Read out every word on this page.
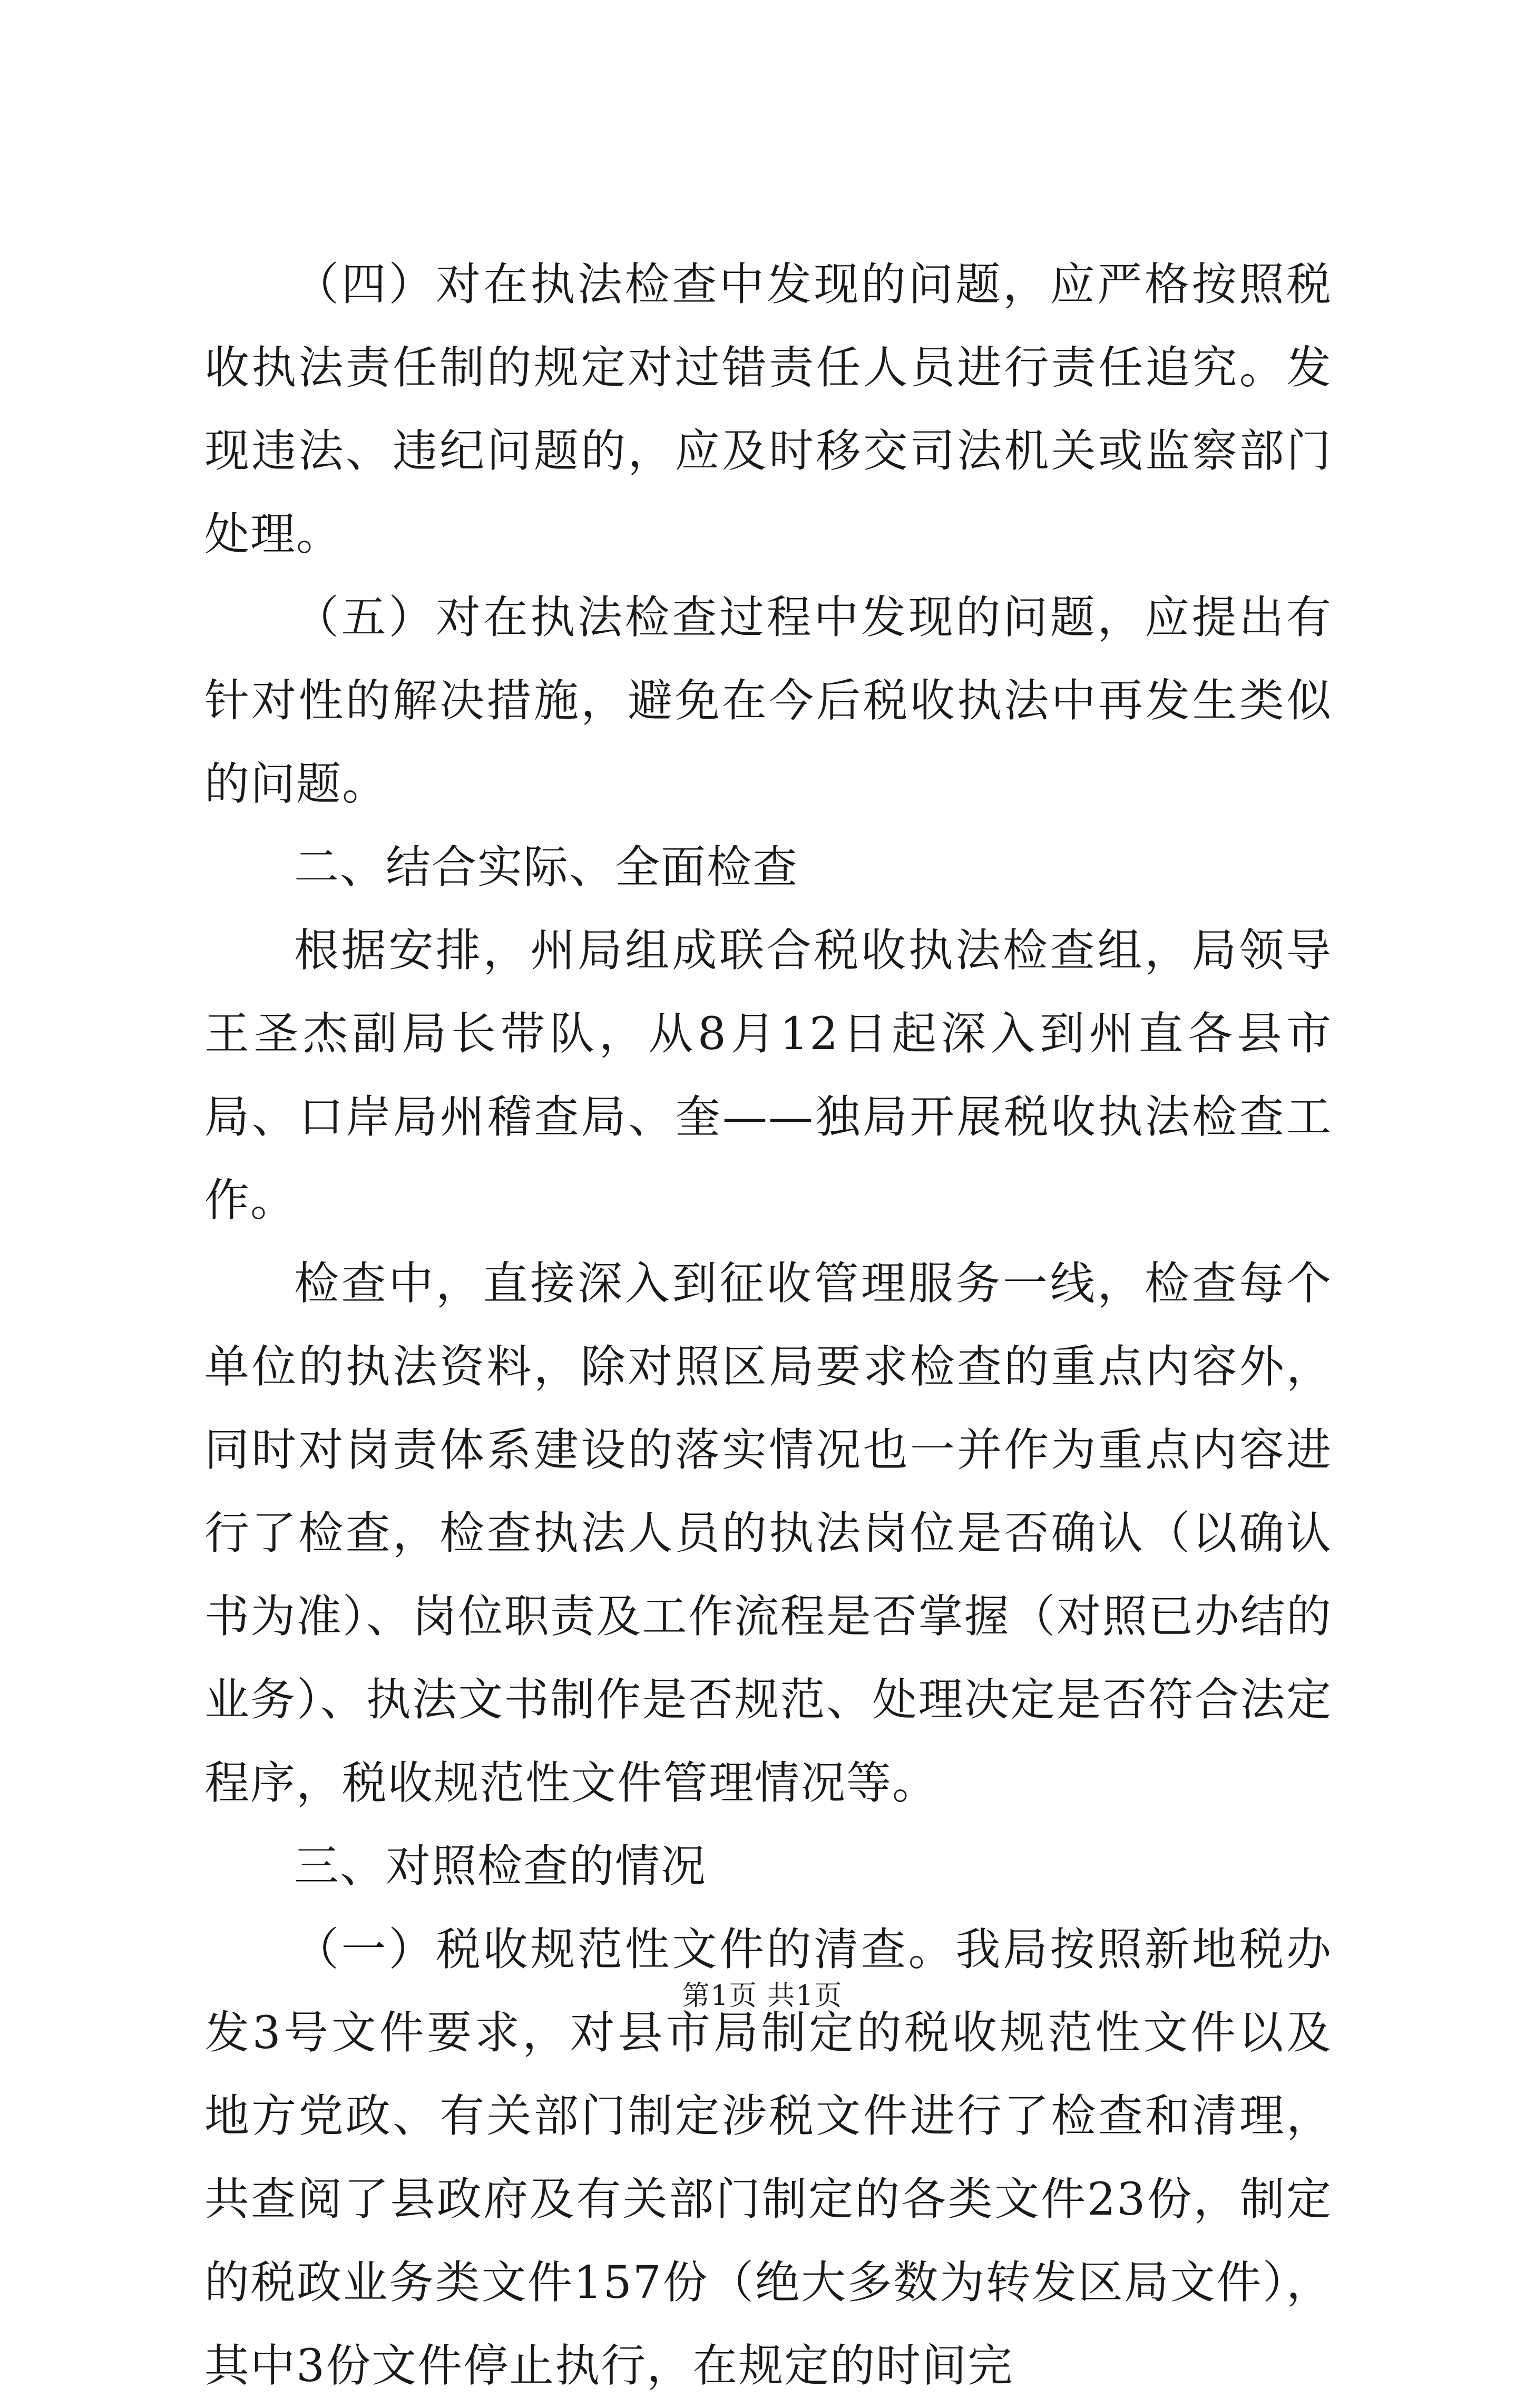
（四）对在执法检查中发现的问题，应严格按照税收执法责任制的规定对过错责任人员进行责任追究。发现违法、违纪问题的，应及时移交司法机关或监察部门处理。

（五）对在执法检查过程中发现的问题，应提出有针对性的解决措施，避免在今后税收执法中再发生类似的问题。

二、结合实际、全面检查

根据安排，州局组成联合税收执法检查组，局领导王圣杰副局长带队，从8月12日起深入到州直各县市局、口岸局州稽查局、奎——独局开展税收执法检查工作。

检查中，直接深入到征收管理服务一线，检查每个单位的执法资料，除对照区局要求检查的重点内容外，同时对岗责体系建设的落实情况也一并作为重点内容进行了检查，检查执法人员的执法岗位是否确认（以确认书为准）、岗位职责及工作流程是否掌握（对照已办结的业务）、执法文书制作是否规范、处理决定是否符合法定程序，税收规范性文件管理情况等。

三、对照检查的情况

（一）税收规范性文件的清查。我局按照新地税办发3号文件要求，对县市局制定的税收规范性文件以及地方党政、有关部门制定涉税文件进行了检查和清理，共查阅了县政府及有关部门制定的各类文件23份，制定的税政业务类文件157份（绝大多数为转发区局文件），其中3份文件停止执行，在规定的时间完

第1页 共1页
